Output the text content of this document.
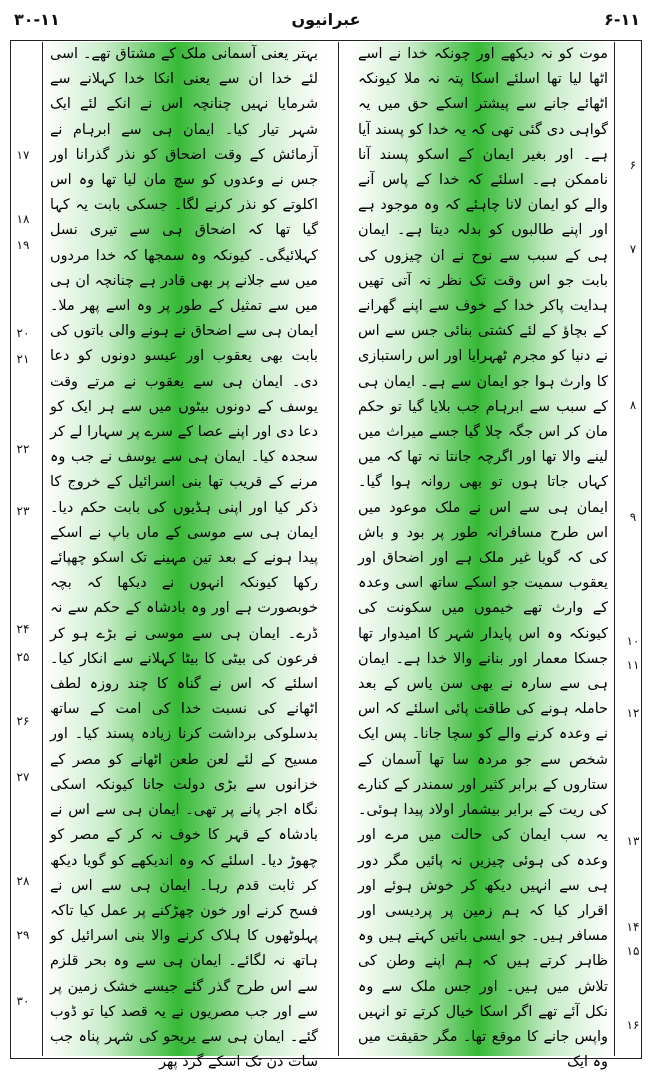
عبرانیوں
۳۰-۱۱	۶-۱۱

موت کو نہ دیکھے اور چونکہ خدا نے اسے اٹھا لیا تھا اسلئے اسکا پتہ نہ ملا کیونکہ اٹھائے جانے سے پیشتر اسکے حق میں یہ گواہی دی گئی تھی کہ یہ خدا کو پسند آیا ہے۔ اور بغیر ایمان کے اسکو پسند آنا ناممکن ہے۔ اسلئے کہ خدا کے پاس آنے والے کو ایمان لانا چاہئے کہ وہ موجود ہے اور اپنے طالبوں کو بدلہ دیتا ہے۔ ایمان ہی کے سبب سے نوح نے ان چیزوں کی بابت جو اس وقت تک نظر نہ آتی تھیں ہدایت پاکر خدا کے خوف سے اپنے گھرانے کے بچاؤ کے لئے کشتی بنائی جس سے اس نے دنیا کو مجرم ٹھہرایا اور اس راستبازی کا وارث ہوا جو ایمان سے ہے۔ ایمان ہی کے سبب سے ابرہام جب بلایا گیا تو حکم مان کر اس جگہ چلا گیا جسے میراث میں لینے والا تھا اور اگرچہ جانتا نہ تھا کہ میں کہاں جاتا ہوں تو بھی روانہ ہوا گیا۔ ایمان ہی سے اس نے ملک موعود میں اس طرح مسافرانہ طور پر بود و باش کی کہ گویا غیر ملک ہے اور اضحاق اور یعقوب سمیت جو اسکے ساتھ اسی وعدہ کے وارث تھے خیموں میں سکونت کی کیونکہ وہ اس پایدار شہر کا امیدوار تھا جسکا معمار اور بنانے والا خدا ہے۔ ایمان ہی سے سارہ نے بھی سن یاس کے بعد حاملہ ہونے کی طاقت پائی اسلئے کہ اس نے وعدہ کرنے والے کو سچا جانا۔ پس ایک شخص سے جو مردہ سا تھا آسمان کے ستاروں کے برابر کثیر اور سمندر کے کنارے کی ریت کے برابر بیشمار اولاد پیدا ہوئی۔ یہ سب ایمان کی حالت میں مرے اور وعدہ کی ہوئی چیزیں نہ پائیں مگر دور ہی سے انہیں دیکھ کر خوش ہوئے اور اقرار کیا کہ ہم زمین پر پردیسی اور مسافر ہیں۔ جو ایسی باتیں کہتے ہیں وہ ظاہر کرتے ہیں کہ ہم اپنے وطن کی تلاش میں ہیں۔ اور جس ملک سے وہ نکل آئے تھے اگر اسکا خیال کرتے تو انہیں واپس جانے کا موقع تھا۔ مگر حقیقت میں وہ ایک

بہتر یعنی آسمانی ملک کے مشتاق تھے۔ اسی لئے خدا ان سے یعنی انکا خدا کہلانے سے شرمایا نہیں چنانچہ اس نے انکے لئے ایک شہر تیار کیا۔ ایمان ہی سے ابرہام نے آزمائش کے وقت اضحاق کو نذر گذرانا اور جس نے وعدوں کو سچ مان لیا تھا وہ اس اکلوتے کو نذر کرنے لگا۔ جسکی بابت یہ کہا گیا تھا کہ اضحاق ہی سے تیری نسل کہلائیگی۔ کیونکہ وہ سمجھا کہ خدا مردوں میں سے جلانے پر بھی قادر ہے چنانچہ ان ہی میں سے تمثیل کے طور پر وہ اسے پھر ملا۔ ایمان ہی سے اضحاق نے ہونے والی باتوں کی بابت بھی یعقوب اور عیسو دونوں کو دعا دی۔ ایمان ہی سے یعقوب نے مرتے وقت یوسف کے دونوں بیٹوں میں سے ہر ایک کو دعا دی اور اپنے عصا کے سرے پر سہارا لے کر سجدہ کیا۔ ایمان ہی سے یوسف نے جب وہ مرنے کے قریب تھا بنی اسرائیل کے خروج کا ذکر کیا اور اپنی ہڈیوں کی بابت حکم دیا۔ ایمان ہی سے موسی کے ماں باپ نے اسکے پیدا ہونے کے بعد تین مہینے تک اسکو چھپائے رکھا کیونکہ انہوں نے دیکھا کہ بچہ خوبصورت ہے اور وہ بادشاہ کے حکم سے نہ ڈرے۔ ایمان ہی سے موسی نے بڑے ہو کر فرعون کی بیٹی کا بیٹا کہلانے سے انکار کیا۔ اسلئے کہ اس نے گناہ کا چند روزہ لطف اٹھانے کی نسبت خدا کی امت کے ساتھ بدسلوکی برداشت کرنا زیادہ پسند کیا۔ اور مسیح کے لئے لعن طعن اٹھانے کو مصر کے خزانوں سے بڑی دولت جانا کیونکہ اسکی نگاہ اجر پانے پر تھی۔ ایمان ہی سے اس نے بادشاہ کے قہر کا خوف نہ کر کے مصر کو چھوڑ دیا۔ اسلئے کہ وہ اندیکھے کو گویا دیکھ کر ثابت قدم رہا۔ ایمان ہی سے اس نے فسح کرنے اور خون چھڑکنے پر عمل کیا تاکہ پہلوٹھوں کا ہلاک کرنے والا بنی اسرائیل کو ہاتھ نہ لگائے۔ ایمان ہی سے وہ بحر قلزم سے اس طرح گذر گئے جیسے خشک زمین پر سے اور جب مصریوں نے یہ قصد کیا تو ڈوب گئے۔ ایمان ہی سے یریحو کی شہر پناہ جب سات دن تک اسکے گرد پھر

۶
۷
۸
۹
۱۰
۱۱
۱۲
۱۳
۱۴
۱۵
۱۶
۱۷
۱۸
۱۹
۲۰
۲۱
۲۲
۲۳
۲۴
۲۵
۲۶
۲۷
۲۸
۲۹
۳۰
